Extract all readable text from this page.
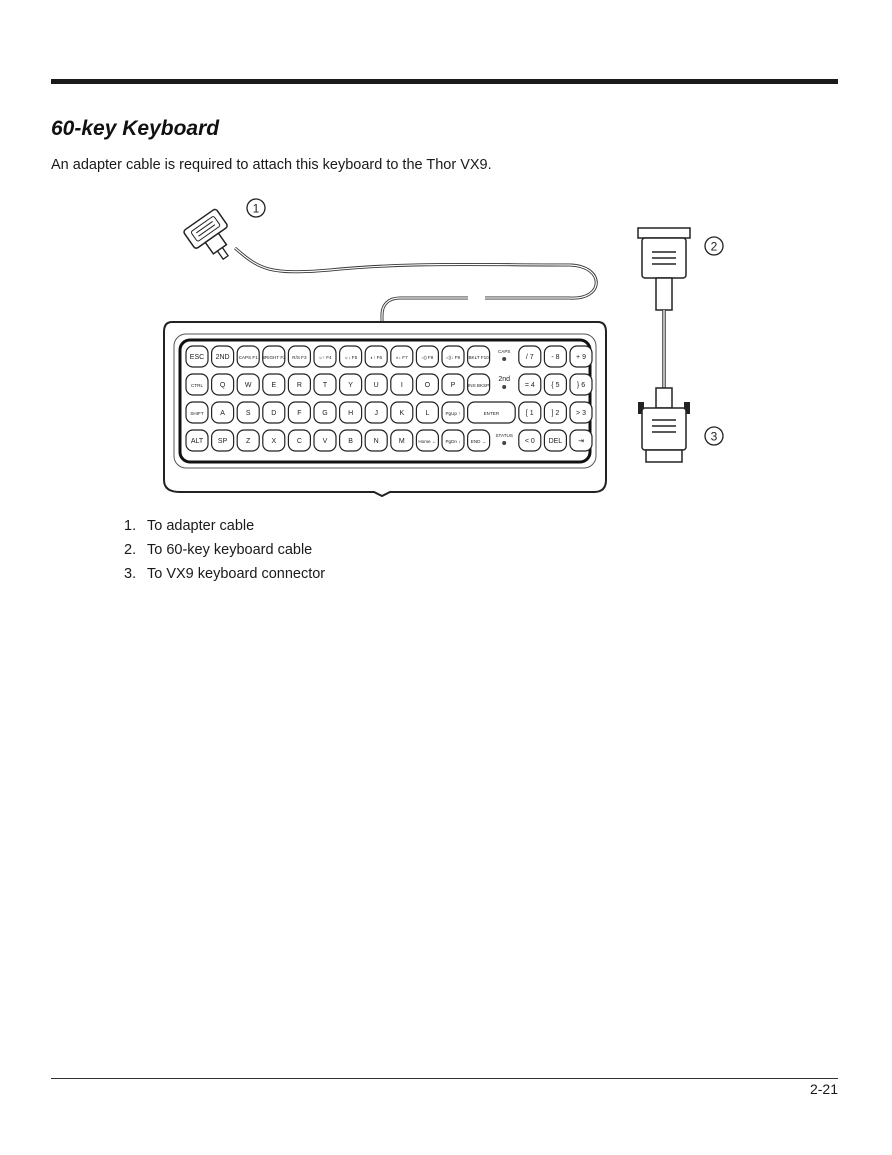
60-key Keyboard

An adapter cable is required to attach this keyboard to the Thor VX9.

ESC 2ND CAPS F1 BRIGHT F2 R/S F3	☼↑ F4	☼↓ F5	◐↑ F6	◐↓ F7	◁) F8	◁)↓ F9 BKLT F10
CAPS
/ 7	- 8 + 9
CTRL Q	W	E	R	T	Y	U	I	O	P	INS BKSP
2nd
= 4 { 5 } 6
SHIFT A	S	D	F	G	H	J	K	L	PgUp ↑	ENTER	[ 1	] 2 > 3
ALT SP	Z	X	C	V	B	N	M	Home ← PgDn ↓ END →
STATUS
< 0 DEL ⇥
1
2
3
1. To adapter cable
2. To 60-key keyboard cable
3. To VX9 keyboard connector
2-21
